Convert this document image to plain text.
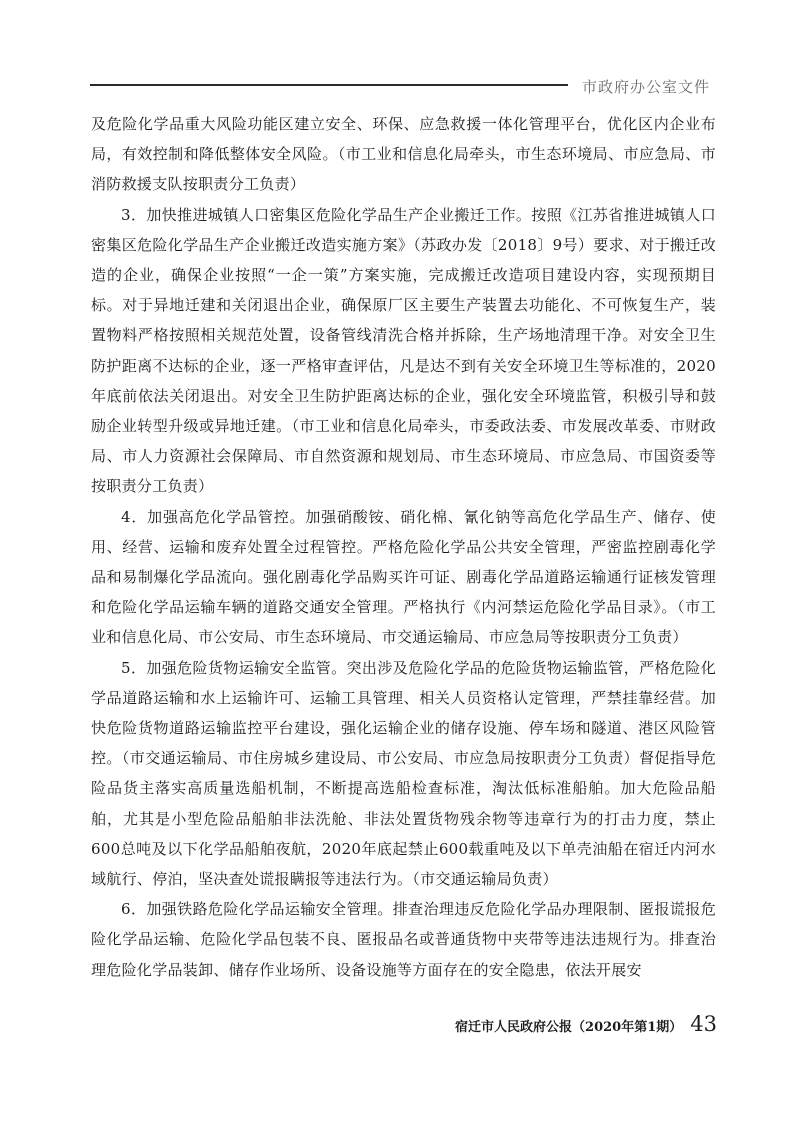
市政府办公室文件

及危险化学品重大风险功能区建立安全、环保、应急救援一体化管理平台，优化区内企业布局，有效控制和降低整体安全风险。（市工业和信息化局牵头，市生态环境局、市应急局、市消防救援支队按职责分工负责）

3．加快推进城镇人口密集区危险化学品生产企业搬迁工作。按照《江苏省推进城镇人口密集区危险化学品生产企业搬迁改造实施方案》（苏政办发〔2018〕9号）要求、对于搬迁改造的企业，确保企业按照“一企一策”方案实施，完成搬迁改造项目建设内容，实现预期目标。对于异地迁建和关闭退出企业，确保原厂区主要生产装置去功能化、不可恢复生产，装置物料严格按照相关规范处置，设备管线清洗合格并拆除，生产场地清理干净。对安全卫生防护距离不达标的企业，逐一严格审查评估，凡是达不到有关安全环境卫生等标准的，2020年底前依法关闭退出。对安全卫生防护距离达标的企业，强化安全环境监管，积极引导和鼓励企业转型升级或异地迁建。（市工业和信息化局牵头，市委政法委、市发展改革委、市财政局、市人力资源社会保障局、市自然资源和规划局、市生态环境局、市应急局、市国资委等按职责分工负责）

4．加强高危化学品管控。加强硝酸铵、硝化棉、氰化钠等高危化学品生产、储存、使用、经营、运输和废弃处置全过程管控。严格危险化学品公共安全管理，严密监控剧毒化学品和易制爆化学品流向。强化剧毒化学品购买许可证、剧毒化学品道路运输通行证核发管理和危险化学品运输车辆的道路交通安全管理。严格执行《内河禁运危险化学品目录》。（市工业和信息化局、市公安局、市生态环境局、市交通运输局、市应急局等按职责分工负责）

5．加强危险货物运输安全监管。突出涉及危险化学品的危险货物运输监管，严格危险化学品道路运输和水上运输许可、运输工具管理、相关人员资格认定管理，严禁挂靠经营。加快危险货物道路运输监控平台建设，强化运输企业的储存设施、停车场和隧道、港区风险管控。（市交通运输局、市住房城乡建设局、市公安局、市应急局按职责分工负责）督促指导危险品货主落实高质量选船机制，不断提高选船检查标准，淘汰低标准船舶。加大危险品船舶，尤其是小型危险品船舶非法洗舱、非法处置货物残余物等违章行为的打击力度，禁止600总吨及以下化学品船舶夜航，2020年底起禁止600载重吨及以下单壳油船在宿迁内河水域航行、停泊，坚决查处谎报瞒报等违法行为。（市交通运输局负责）

6．加强铁路危险化学品运输安全管理。排查治理违反危险化学品办理限制、匿报谎报危险化学品运输、危险化学品包装不良、匿报品名或普通货物中夹带等违法违规行为。排查治理危险化学品装卸、储存作业场所、设备设施等方面存在的安全隐患，依法开展安

宿迁市人民政府公报（2020年第1期） 43
